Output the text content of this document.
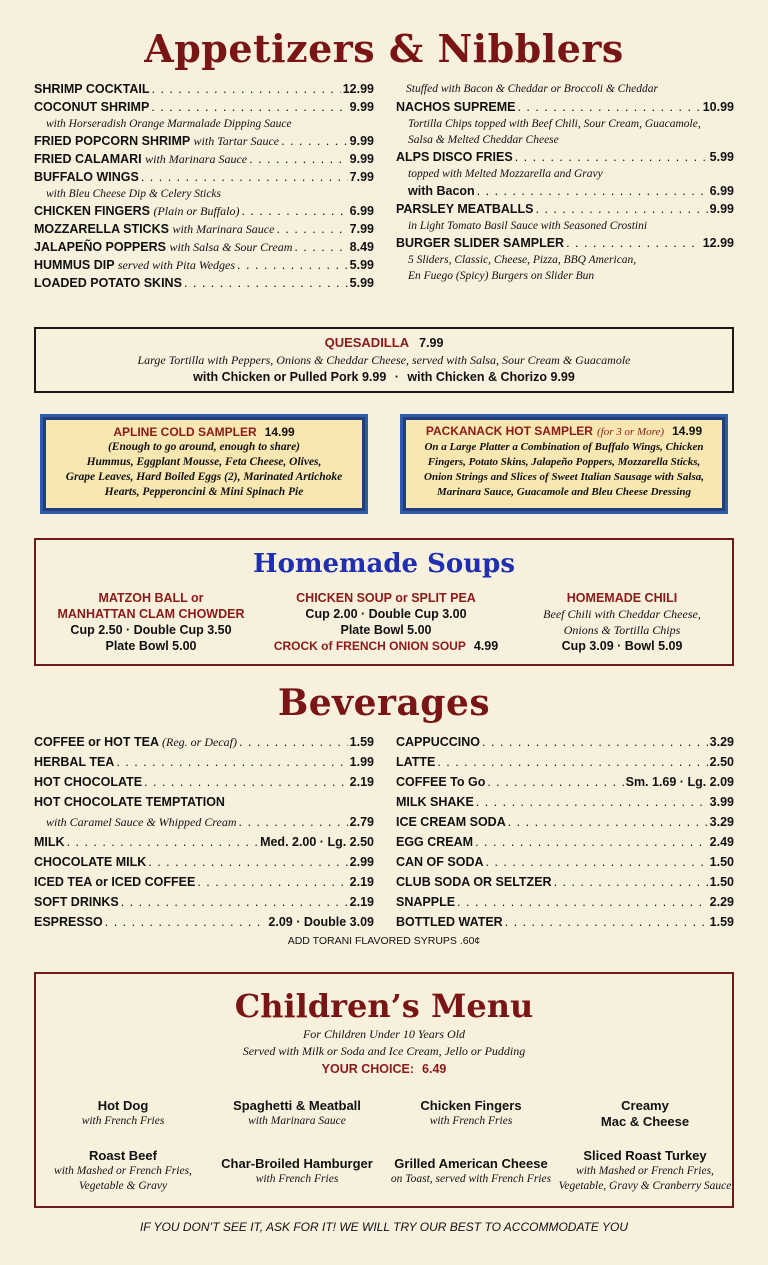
Appetizers & Nibblers
SHRIMP COCKTAIL . . .	12.99
COCONUT SHRIMP . . .	9.99
with Horseradish Orange Marmalade Dipping Sauce
FRIED POPCORN SHRIMP with Tartar Sauce . . .	9.99
FRIED CALAMARI with Marinara Sauce . . .	9.99
BUFFALO WINGS . . .	7.99
with Bleu Cheese Dip & Celery Sticks
CHICKEN FINGERS (Plain or Buffalo) . . .	6.99
MOZZARELLA STICKS with Marinara Sauce . . .	7.99
JALAPEÑO POPPERS with Salsa & Sour Cream . . .	8.49
HUMMUS DIP served with Pita Wedges . . .	5.99
LOADED POTATO SKINS . . .	5.99
Stuffed with Bacon & Cheddar or Broccoli & Cheddar
NACHOS SUPREME . . .	10.99
Tortilla Chips topped with Beef Chili, Sour Cream, Guacamole,
Salsa & Melted Cheddar Cheese
ALPS DISCO FRIES . . .	5.99
topped with Melted Mozzarella and Gravy
with Bacon . . .	6.99
PARSLEY MEATBALLS . . .	9.99
in Light Tomato Basil Sauce with Seasoned Crostini
BURGER SLIDER SAMPLER . . .	12.99
5 Sliders, Classic, Cheese, Pizza, BBQ American,
En Fuego (Spicy) Burgers on Slider Bun
QUESADILLA 7.99
Large Tortilla with Peppers, Onions & Cheddar Cheese, served with Salsa, Sour Cream & Guacamole
with Chicken or Pulled Pork 9.99 · with Chicken & Chorizo 9.99
APLINE COLD SAMPLER 14.99
(Enough to go around, enough to share)
Hummus, Eggplant Mousse, Feta Cheese, Olives,
Grape Leaves, Hard Boiled Eggs (2), Marinated Artichoke
Hearts, Pepperoncini & Mini Spinach Pie
PACKANACK HOT SAMPLER (for 3 or More) 14.99
On a Large Platter a Combination of Buffalo Wings, Chicken
Fingers, Potato Skins, Jalapeño Poppers, Mozzarella Sticks,
Onion Strings and Slices of Sweet Italian Sausage with Salsa,
Marinara Sauce, Guacamole and Bleu Cheese Dressing
Homemade Soups
MATZOH BALL or
MANHATTAN CLAM CHOWDER
Cup 2.50 · Double Cup 3.50
Plate Bowl 5.00
CHICKEN SOUP or SPLIT PEA
Cup 2.00 · Double Cup 3.00
Plate Bowl 5.00
CROCK of FRENCH ONION SOUP 4.99
HOMEMADE CHILI
Beef Chili with Cheddar Cheese,
Onions & Tortilla Chips
Cup 3.09 · Bowl 5.09
Beverages
COFFEE or HOT TEA (Reg. or Decaf) . . .	1.59
HERBAL TEA . . .	1.99
HOT CHOCOLATE . . .	2.19
HOT CHOCOLATE TEMPTATION
with Caramel Sauce & Whipped Cream . . .	2.79
MILK . . .	Med. 2.00 · Lg. 2.50
CHOCOLATE MILK . . .	2.99
ICED TEA or ICED COFFEE . . .	2.19
SOFT DRINKS . . .	2.19
ESPRESSO . . .	2.09 · Double 3.09
CAPPUCCINO . . .	3.29
LATTE . . .	2.50
COFFEE To Go . . .	Sm. 1.69 · Lg. 2.09
MILK SHAKE . . .	3.99
ICE CREAM SODA . . .	3.29
EGG CREAM . . .	2.49
CAN OF SODA . . .	1.50
CLUB SODA OR SELTZER . . .	1.50
SNAPPLE . . .	2.29
BOTTLED WATER . . .	1.59
ADD TORANI FLAVORED SYRUPS .60¢
Children’s Menu
For Children Under 10 Years Old
Served with Milk or Soda and Ice Cream, Jello or Pudding
YOUR CHOICE: 6.49
Hot Dog
with French Fries
Spaghetti & Meatball
with Marinara Sauce
Chicken Fingers
with French Fries
Creamy
Mac & Cheese
Roast Beef
with Mashed or French Fries,
Vegetable & Gravy
Char-Broiled Hamburger
with French Fries
Grilled American Cheese
on Toast, served with French Fries
Sliced Roast Turkey
with Mashed or French Fries,
Vegetable, Gravy & Cranberry Sauce
IF YOU DON’T SEE IT, ASK FOR IT! WE WILL TRY OUR BEST TO ACCOMMODATE YOU
